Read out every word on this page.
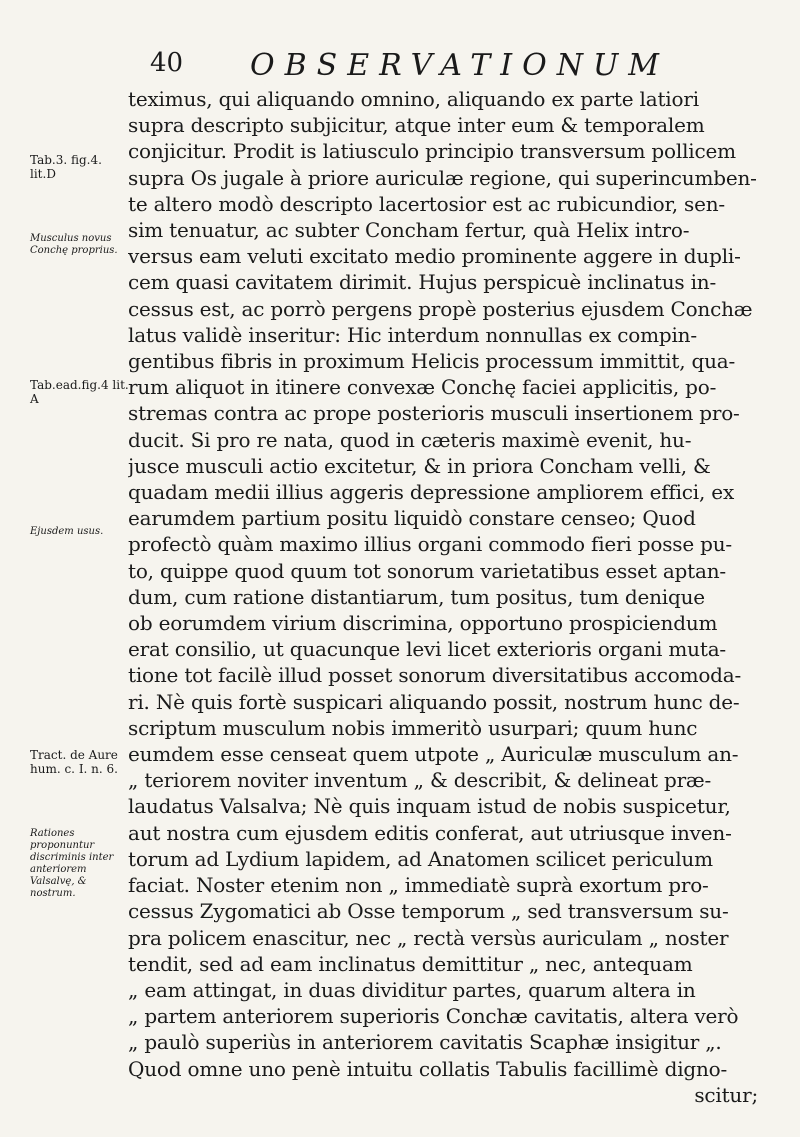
40 OBSERVATIONUM
Tab.3. fig.4. lit.D
Musculus novus Conchę proprius.
Tab.ead.fig.4 lit. A
Ejusdem usus.
Tract. de Aure hum. c. I. n. 6.
Rationes proponuntur discriminis inter anteriorem Valsalvę, & nostrum.
teximus, qui aliquando omnino, aliquando ex parte latiori
supra descripto subjicitur, atque inter eum & temporalem
conjicitur. Prodit is latiusculo principio transversum pollicem
supra Os jugale à priore auriculæ regione, qui superincumben-
te altero modò descripto lacertosior est ac rubicundior, sen-
sim tenuatur, ac subter Concham fertur, quà Helix intro-
versus eam veluti excitato medio prominente aggere in dupli-
cem quasi cavitatem dirimit. Hujus perspicuè inclinatus in-
cessus est, ac porrò pergens propè posterius ejusdem Conchæ
latus validè inseritur: Hic interdum nonnullas ex compin-
gentibus fibris in proximum Helicis processum immittit, qua-
rum aliquot in itinere convexæ Conchę faciei applicitis, po-
stremas contra ac prope posterioris musculi insertionem pro-
ducit. Si pro re nata, quod in cæteris maximè evenit, hu-
jusce musculi actio excitetur, & in priora Concham velli, &
quadam medii illius aggeris depressione ampliorem effici, ex
earumdem partium positu liquidò constare censeo; Quod
profectò quàm maximo illius organi commodo fieri posse pu-
to, quippe quod quum tot sonorum varietatibus esset aptan-
dum, cum ratione distantiarum, tum positus, tum denique
ob eorumdem virium discrimina, opportuno prospiciendum
erat consilio, ut quacunque levi licet exterioris organi muta-
tione tot facilè illud posset sonorum diversitatibus accomoda-
ri. Nè quis fortè suspicari aliquando possit, nostrum hunc de-
scriptum musculum nobis immeritò usurpari; quum hunc
eumdem esse censeat quem utpote „ Auriculæ musculum an-
„ teriorem noviter inventum „ & describit, & delineat præ-
laudatus Valsalva; Nè quis inquam istud de nobis suspicetur,
aut nostra cum ejusdem editis conferat, aut utriusque inven-
torum ad Lydium lapidem, ad Anatomen scilicet periculum
faciat. Noster etenim non „ immediatè suprà exortum pro-
cessus Zygomatici ab Osse temporum „ sed transversum su-
pra policem enascitur, nec „ rectà versùs auriculam „ noster
tendit, sed ad eam inclinatus demittitur „ nec, antequam
„ eam attingat, in duas dividitur partes, quarum altera in
„ partem anteriorem superioris Conchæ cavitatis, altera verò
„ paulò superiùs in anteriorem cavitatis Scaphæ insigitur „.
Quod omne uno penè intuitu collatis Tabulis facillimè digno-
scitur;
